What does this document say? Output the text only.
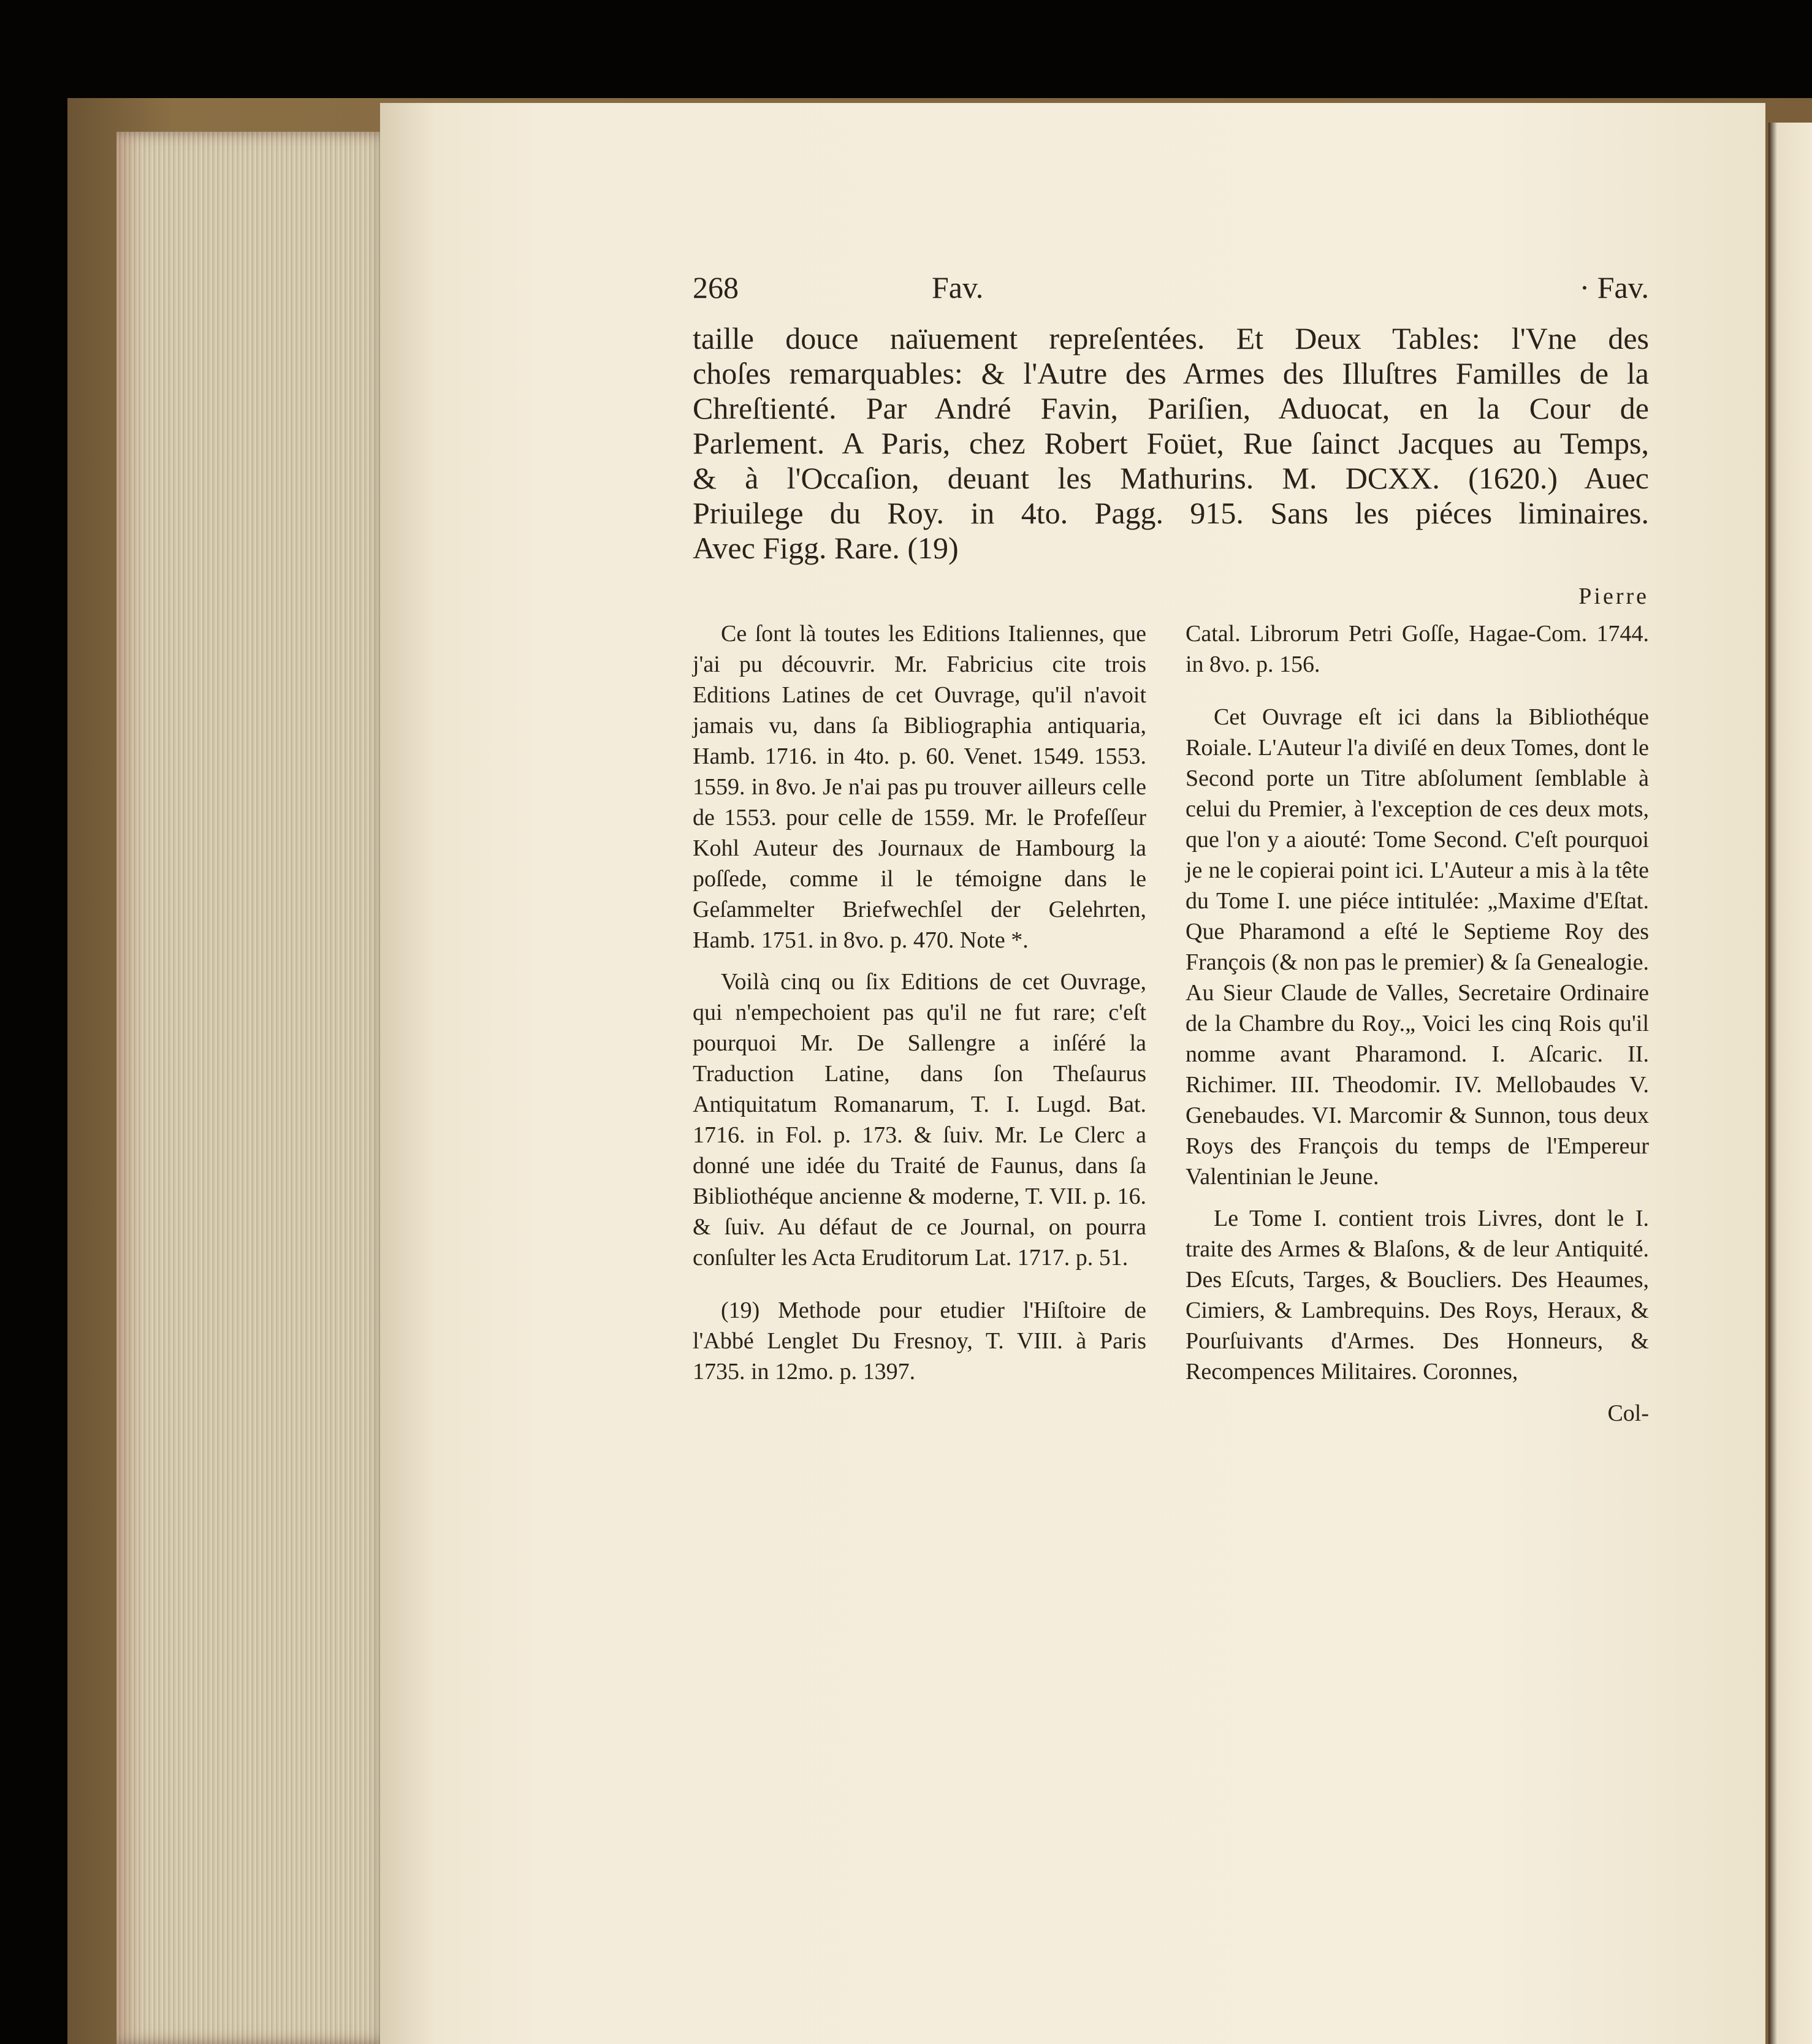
268	Fav.	· Fav.
taille douce naïuement repreſentées. Et Deux Tables: l'Vne des
choſes remarquables: & l'Autre des Armes des Illuſtres Familles de la
Chreſtienté. Par André Favin, Pariſien, Aduocat, en la Cour de
Parlement. A Paris, chez Robert Foüet, Rue ſainct Jacques au Temps,
& à l'Occaſion, deuant les Mathurins. M. DCXX. (1620.) Auec
Priuilege du Roy. in 4to. Pagg. 915. Sans les piéces liminaires.
Avec Figg. Rare. (19)
Pierre

Ce ſont là toutes les Editions Italiennes, que j'ai pu découvrir. Mr. Fabricius cite trois Editions Latines de cet Ouvrage, qu'il n'avoit jamais vu, dans ſa Bibliographia antiquaria, Hamb. 1716. in 4to. p. 60. Venet. 1549. 1553. 1559. in 8vo. Je n'ai pas pu trouver ailleurs celle de 1553. pour celle de 1559. Mr. le Profeſſeur Kohl Auteur des Journaux de Hambourg la poſſede, comme il le témoigne dans le Geſammelter Briefwechſel der Gelehrten, Hamb. 1751. in 8vo. p. 470. Note *.

Voilà cinq ou ſix Editions de cet Ouvrage, qui n'empechoient pas qu'il ne fut rare; c'eſt pourquoi Mr. De Sallengre a inſéré la Traduction Latine, dans ſon Theſaurus Antiquitatum Romanarum, T. I. Lugd. Bat. 1716. in Fol. p. 173. & ſuiv. Mr. Le Clerc a donné une idée du Traité de Faunus, dans ſa Bibliothéque ancienne & moderne, T. VII. p. 16. & ſuiv. Au défaut de ce Journal, on pourra conſulter les Acta Eruditorum Lat. 1717. p. 51.

(19) Methode pour etudier l'Hiſtoire de l'Abbé Lenglet Du Fresnoy, T. VIII. à Paris 1735. in 12mo. p. 1397.

Catal. Librorum Petri Goſſe, Hagae-Com. 1744. in 8vo. p. 156.

Cet Ouvrage eſt ici dans la Bibliothéque Roiale. L'Auteur l'a diviſé en deux Tomes, dont le Second porte un Titre abſolument ſemblable à celui du Premier, à l'exception de ces deux mots, que l'on y a aiouté: Tome Second. C'eſt pourquoi je ne le copierai point ici. L'Auteur a mis à la tête du Tome I. une piéce intitulée: „Maxime d'Eſtat. Que Pharamond a eſté le Septieme Roy des François (& non pas le premier) & ſa Genealogie. Au Sieur Claude de Valles, Secretaire Ordinaire de la Chambre du Roy.„ Voici les cinq Rois qu'il nomme avant Pharamond. I. Aſcaric. II. Richimer. III. Theodomir. IV. Mellobaudes V. Genebaudes. VI. Marcomir & Sunnon, tous deux Roys des François du temps de l'Empereur Valentinian le Jeune.

Le Tome I. contient trois Livres, dont le I. traite des Armes & Blaſons, & de leur Antiquité. Des Eſcuts, Targes, & Boucliers. Des Heaumes, Cimiers, & Lambrequins. Des Roys, Heraux, & Pourſuivants d'Armes. Des Honneurs, & Recompences Militaires. Coronnes,

Col-
